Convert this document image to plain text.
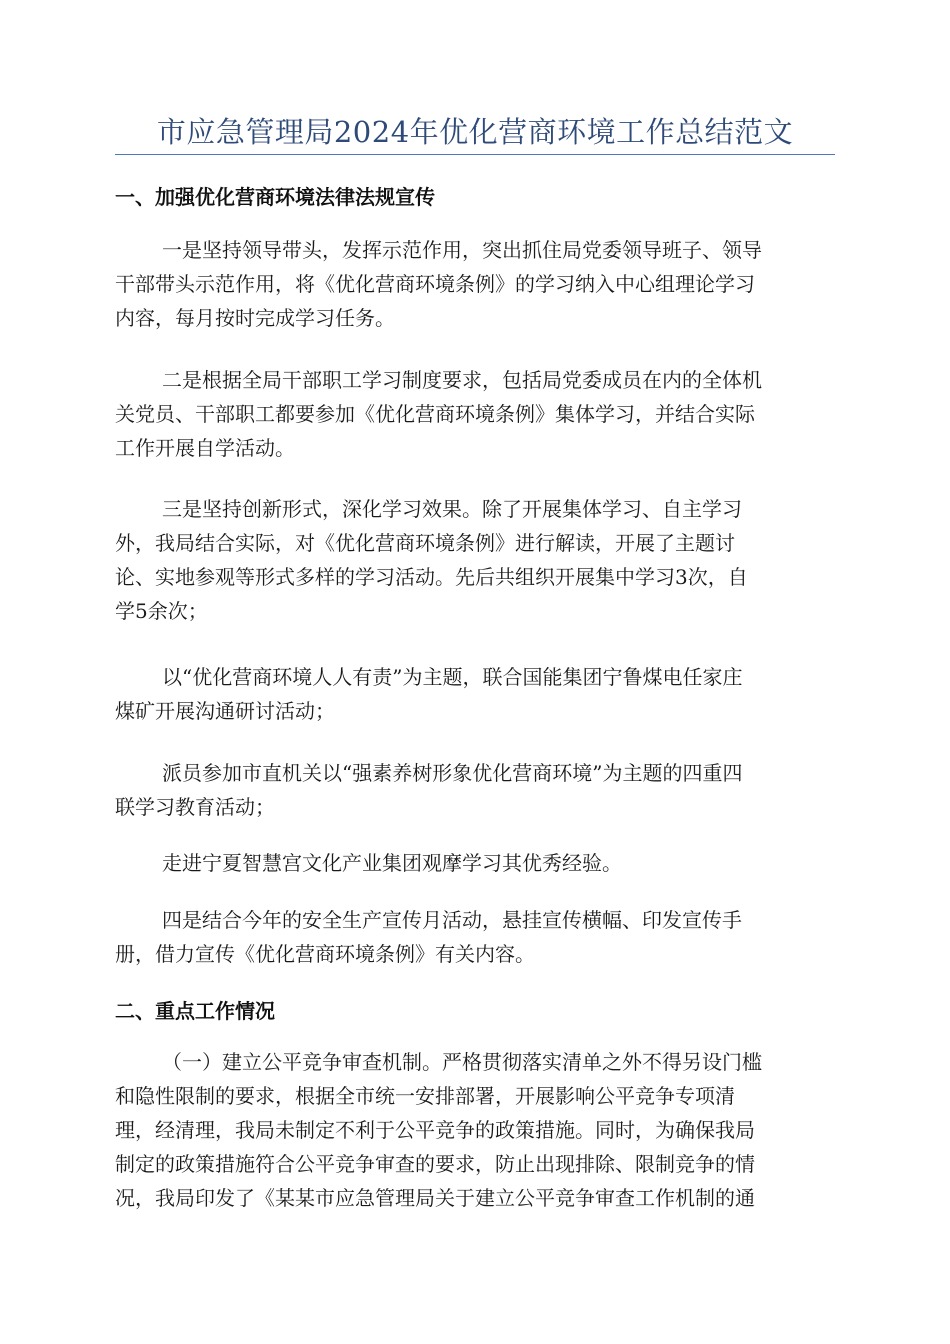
市应急管理局2024年优化营商环境工作总结范文
一、加强优化营商环境法律法规宣传
一是坚持领导带头，发挥示范作用，突出抓住局党委领导班子、领导
干部带头示范作用，将《优化营商环境条例》的学习纳入中心组理论学习
内容，每月按时完成学习任务。
二是根据全局干部职工学习制度要求，包括局党委成员在内的全体机
关党员、干部职工都要参加《优化营商环境条例》集体学习，并结合实际
工作开展自学活动。
三是坚持创新形式，深化学习效果。除了开展集体学习、自主学习
外，我局结合实际，对《优化营商环境条例》进行解读，开展了主题讨
论、实地参观等形式多样的学习活动。先后共组织开展集中学习3次，自
学5余次；
以“优化营商环境人人有责”为主题，联合国能集团宁鲁煤电任家庄
煤矿开展沟通研讨活动；
派员参加市直机关以“强素养树形象优化营商环境”为主题的四重四
联学习教育活动；
走进宁夏智慧宫文化产业集团观摩学习其优秀经验。
四是结合今年的安全生产宣传月活动，悬挂宣传横幅、印发宣传手
册，借力宣传《优化营商环境条例》有关内容。
二、重点工作情况
（一）建立公平竞争审查机制。严格贯彻落实清单之外不得另设门槛
和隐性限制的要求，根据全市统一安排部署，开展影响公平竞争专项清
理，经清理，我局未制定不利于公平竞争的政策措施。同时，为确保我局
制定的政策措施符合公平竞争审查的要求，防止出现排除、限制竞争的情
况，我局印发了《某某市应急管理局关于建立公平竞争审查工作机制的通
